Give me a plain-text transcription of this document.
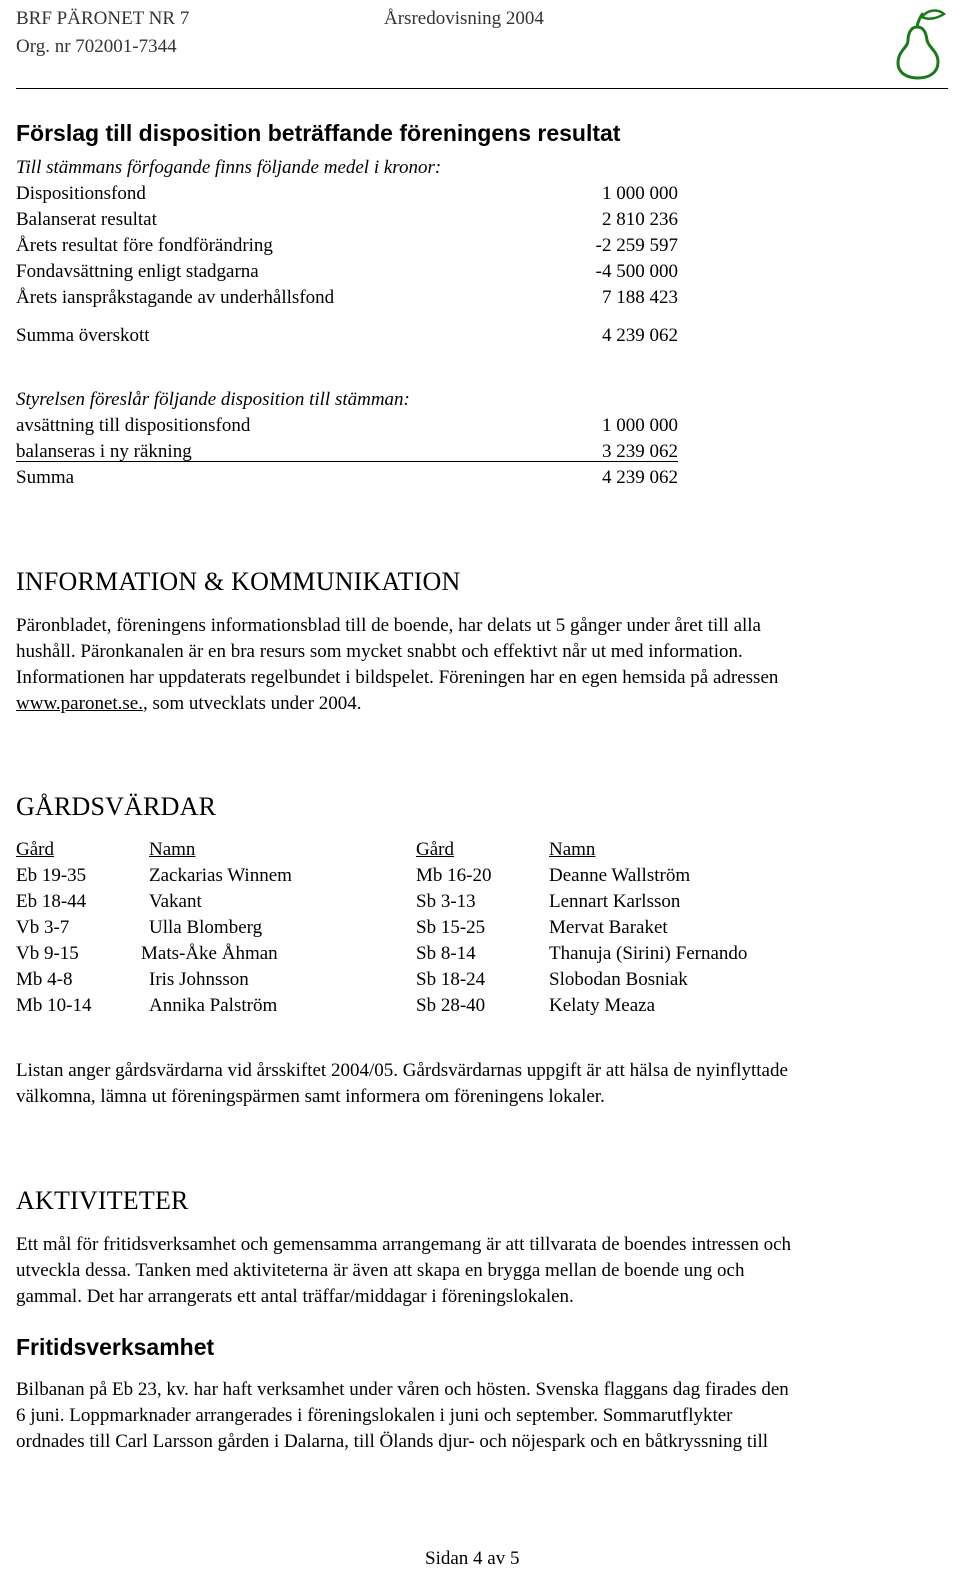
BRF PÄRONET NR 7
Org. nr 702001-7344
Årsredovisning 2004
Förslag till disposition beträffande föreningens resultat
Till stämmans förfogande finns följande medel i kronor:
Dispositionsfond	1 000 000
Balanserat resultat	2 810 236
Årets resultat före fondförändring	-2 259 597
Fondavsättning enligt stadgarna	-4 500 000
Årets ianspråkstagande av underhållsfond	7 188 423
Summa överskott	4 239 062
Styrelsen föreslår följande disposition till stämman:
avsättning till dispositionsfond	1 000 000
balanseras i ny räkning	3 239 062
Summa	4 239 062
INFORMATION & KOMMUNIKATION

Päronbladet, föreningens informationsblad till de boende, har delats ut 5 gånger under året till alla

hushåll. Päronkanalen är en bra resurs som mycket snabbt och effektivt når ut med information.

Informationen har uppdaterats regelbundet i bildspelet. Föreningen har en egen hemsida på adressen

www.paronet.se., som utvecklats under 2004.

GÅRDSVÄRDAR
Gård	Namn	Gård	Namn
Eb 19-35	Zackarias Winnem	Mb 16-20	Deanne Wallström
Eb 18-44	Vakant	Sb 3-13	Lennart Karlsson
Vb 3-7	Ulla Blomberg	Sb 15-25	Mervat Baraket
Vb 9-15	Mats-Åke Åhman	Sb 8-14	Thanuja (Sirini) Fernando
Mb 4-8	Iris Johnsson	Sb 18-24	Slobodan Bosniak
Mb 10-14	Annika Palström	Sb 28-40	Kelaty Meaza

Listan anger gårdsvärdarna vid årsskiftet 2004/05. Gårdsvärdarnas uppgift är att hälsa de nyinflyttade

välkomna, lämna ut föreningspärmen samt informera om föreningens lokaler.

AKTIVITETER

Ett mål för fritidsverksamhet och gemensamma arrangemang är att tillvarata de boendes intressen och

utveckla dessa. Tanken med aktiviteterna är även att skapa en brygga mellan de boende ung och

gammal. Det har arrangerats ett antal träffar/middagar i föreningslokalen.

Fritidsverksamhet

Bilbanan på Eb 23, kv. har haft verksamhet under våren och hösten. Svenska flaggans dag firades den

6 juni. Loppmarknader arrangerades i föreningslokalen i juni och september. Sommarutflykter

ordnades till Carl Larsson gården i Dalarna, till Ölands djur- och nöjespark och en båtkryssning till

Sidan 4 av 5
